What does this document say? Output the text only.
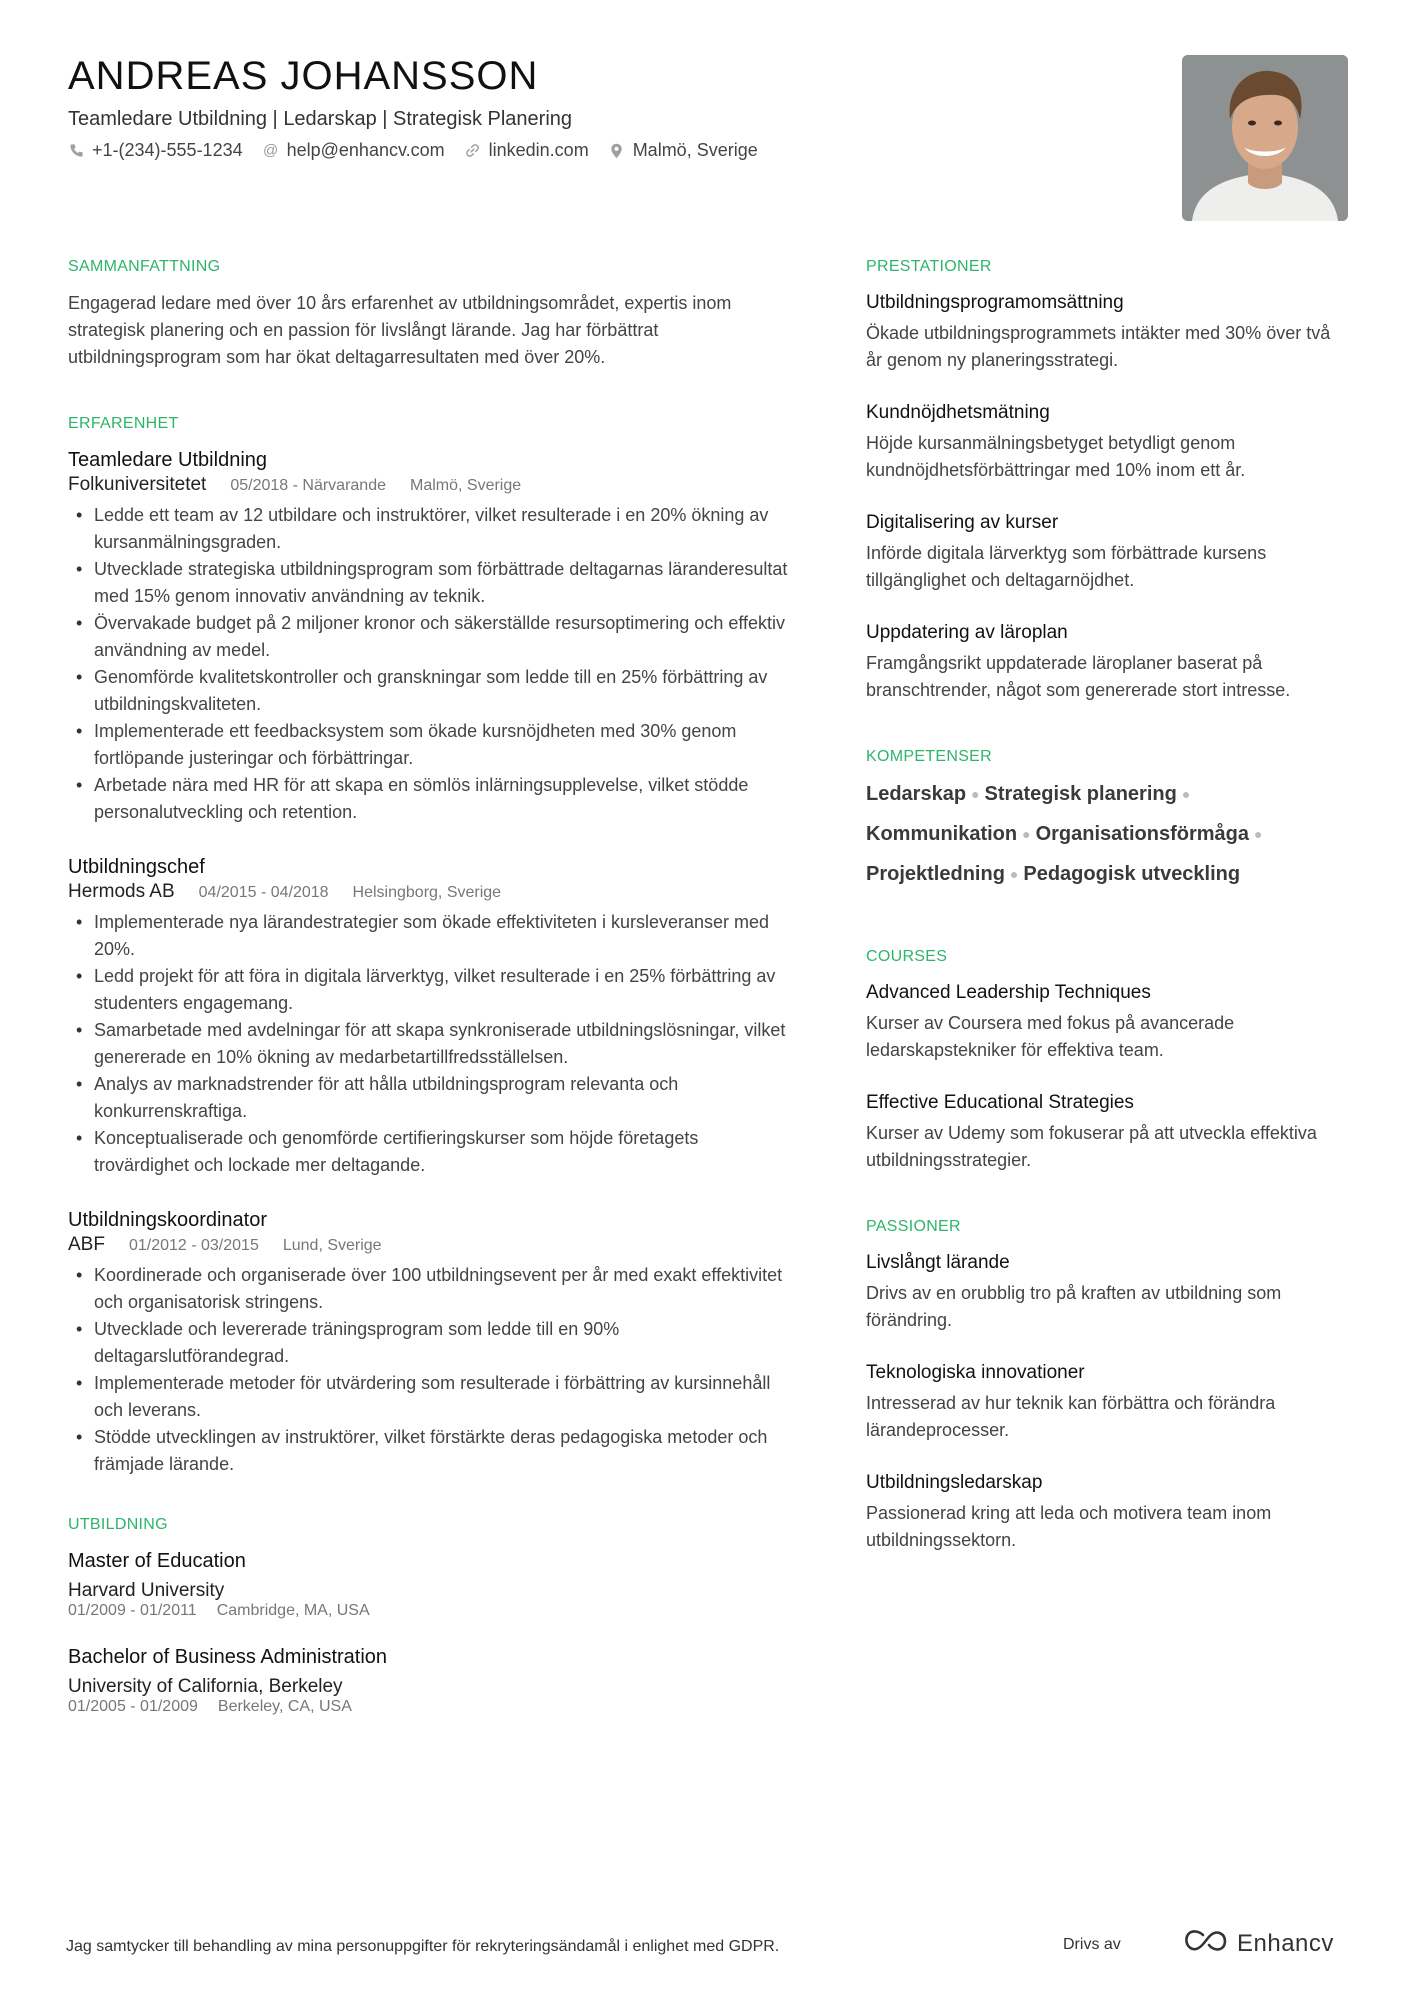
ANDREAS JOHANSSON
Teamledare Utbildning | Ledarskap | Strategisk Planering
+1-(234)-555-1234 @ help@enhancv.com linkedin.com Malmö, Sverige
SAMMANFATTNING

Engagerad ledare med över 10 års erfarenhet av utbildningsområdet, expertis inom strategisk planering och en passion för livslångt lärande. Jag har förbättrat utbildningsprogram som har ökat deltagarresultaten med över 20%.

ERFARENHET
Teamledare Utbildning
Folkuniversitetet 05/2018 - Närvarande Malmö, Sverige
• Ledde ett team av 12 utbildare och instruktörer, vilket resulterade i en 20% ökning av kursanmälningsgraden.
• Utvecklade strategiska utbildningsprogram som förbättrade deltagarnas läranderesultat med 15% genom innovativ användning av teknik.
• Övervakade budget på 2 miljoner kronor och säkerställde resursoptimering och effektiv användning av medel.
• Genomförde kvalitetskontroller och granskningar som ledde till en 25% förbättring av utbildningskvaliteten.
• Implementerade ett feedbacksystem som ökade kursnöjdheten med 30% genom fortlöpande justeringar och förbättringar.
• Arbetade nära med HR för att skapa en sömlös inlärningsupplevelse, vilket stödde personalutveckling och retention.
Utbildningschef
Hermods AB 04/2015 - 04/2018 Helsingborg, Sverige
• Implementerade nya lärandestrategier som ökade effektiviteten i kursleveranser med 20%.
• Ledd projekt för att föra in digitala lärverktyg, vilket resulterade i en 25% förbättring av studenters engagemang.
• Samarbetade med avdelningar för att skapa synkroniserade utbildningslösningar, vilket genererade en 10% ökning av medarbetartillfredsställelsen.
• Analys av marknadstrender för att hålla utbildningsprogram relevanta och konkurrenskraftiga.
• Konceptualiserade och genomförde certifieringskurser som höjde företagets trovärdighet och lockade mer deltagande.
Utbildningskoordinator
ABF 01/2012 - 03/2015 Lund, Sverige
• Koordinerade och organiserade över 100 utbildningsevent per år med exakt effektivitet och organisatorisk stringens.
• Utvecklade och levererade träningsprogram som ledde till en 90% deltagarslutförandegrad.
• Implementerade metoder för utvärdering som resulterade i förbättring av kursinnehåll och leverans.
• Stödde utvecklingen av instruktörer, vilket förstärkte deras pedagogiska metoder och främjade lärande.
UTBILDNING
Master of Education
Harvard University
01/2009 - 01/2011 Cambridge, MA, USA
Bachelor of Business Administration
University of California, Berkeley
01/2005 - 01/2009 Berkeley, CA, USA
PRESTATIONER
Utbildningsprogramomsättning
Ökade utbildningsprogrammets intäkter med 30% över två år genom ny planeringsstrategi.
Kundnöjdhetsmätning
Höjde kursanmälningsbetyget betydligt genom kundnöjdhetsförbättringar med 10% inom ett år.
Digitalisering av kurser
Införde digitala lärverktyg som förbättrade kursens tillgänglighet och deltagarnöjdhet.
Uppdatering av läroplan
Framgångsrikt uppdaterade läroplaner baserat på branschtrender, något som genererade stort intresse.
KOMPETENSER
Ledarskap ● Strategisk planering ●
Kommunikation ● Organisationsförmåga ●
Projektledning ● Pedagogisk utveckling
COURSES
Advanced Leadership Techniques
Kurser av Coursera med fokus på avancerade ledarskapstekniker för effektiva team.
Effective Educational Strategies
Kurser av Udemy som fokuserar på att utveckla effektiva utbildningsstrategier.
PASSIONER
Livslångt lärande
Drivs av en orubblig tro på kraften av utbildning som förändring.
Teknologiska innovationer
Intresserad av hur teknik kan förbättra och förändra lärandeprocesser.
Utbildningsledarskap
Passionerad kring att leda och motivera team inom utbildningssektorn.
Jag samtycker till behandling av mina personuppgifter för rekryteringsändamål i enlighet med GDPR.	Drivs av	Enhancv
